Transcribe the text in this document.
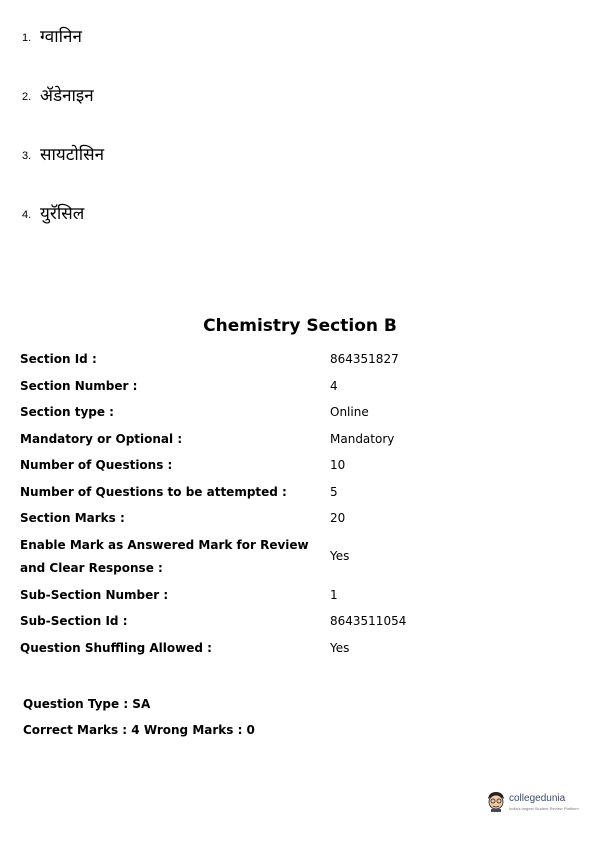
1. ग्वानिन
2. ॲडेनाइन
3. सायटोसिन
4. युरॅसिल
Chemistry Section B
Section Id :	864351827
Section Number :	4
Section type :	Online
Mandatory or Optional :	Mandatory
Number of Questions :	10
Number of Questions to be attempted :	5
Section Marks :	20
Enable Mark as Answered Mark for Review and Clear Response :
Yes
Sub-Section Number :	1
Sub-Section Id :	8643511054
Question Shuffling Allowed :	Yes
Question Type : SA
Correct Marks : 4 Wrong Marks : 0
collegedunia
India's largest Student Review Platform
